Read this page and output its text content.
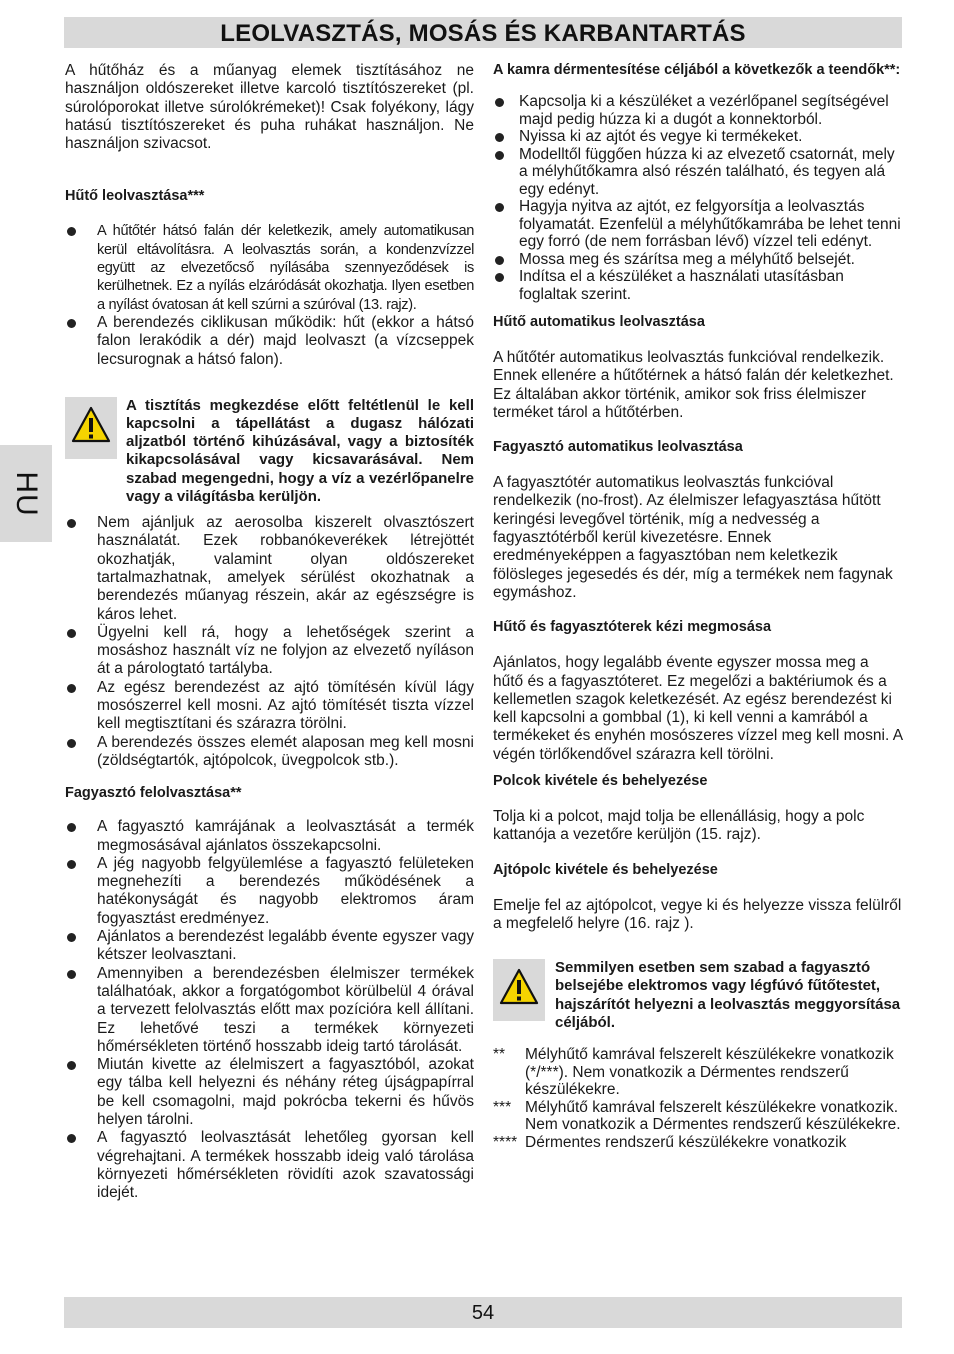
LEOLVASZTÁS, MOSÁS ÉS KARBANTARTÁS
HU

A hűtőház és a műanyag elemek tisztításához ne használjon oldószereket illetve karcoló tisztítószereket (pl. súrolóporokat illetve súrolókrémeket)! Csak folyékony, lágy hatású tisztítószereket és puha ruhákat használjon. Ne használjon szivacsot.

Hűtő leolvasztása***
A hűtőtér hátsó falán dér keletkezik, amely automatikusan kerül eltávolításra. A leolvasztás során, a kondenzvízzel együtt az elvezetőcső nyílásába szennyeződések is kerülhetnek. Ez a nyílás elzáródását okozhatja. Ilyen esetben a nyílást óvatosan át kell szúrni a szúróval (13. rajz).
A berendezés ciklikusan működik: hűt (ekkor a hátsó falon lerakódik a dér) majd leolvaszt (a vízcseppek lecsurognak a hátsó falon).
A tisztítás megkezdése előtt feltétlenül le kell kapcsolni a tápellátást a dugasz hálózati aljzatból történő kihúzásával, vagy a biztosíték kikapcsolásával vagy kicsavarásával. Nem szabad megengedni, hogy a víz a vezérlőpanelre vagy a világításba kerüljön.
Nem ajánljuk az aerosolba kiszerelt olvasztószert használatát. Ezek robbanókeverékek létrejöttét okozhatják, valamint olyan oldószereket tartalmazhatnak, amelyek sérülést okozhatnak a berendezés műanyag részein, akár az egészségre is káros lehet.
Ügyelni kell rá, hogy a lehetőségek szerint a mosáshoz használt víz ne folyjon az elvezető nyíláson át a párologtató tartályba.
Az egész berendezést az ajtó tömítésén kívül lágy mosószerrel kell mosni. Az ajtó tömítését tiszta vízzel kell megtisztítani és szárazra törölni.
A berendezés összes elemét alaposan meg kell mosni (zöldségtartók, ajtópolcok, üvegpolcok stb.).
Fagyasztó felolvasztása**
A fagyasztó kamrájának a leolvasztását a termék megmosásával ajánlatos összekapcsolni.
A jég nagyobb felgyülemlése a fagyasztó felületeken megnehezíti a berendezés működésének a hatékonyságát és nagyobb elektromos áram fogyasztást eredményez.
Ajánlatos a berendezést legalább évente egyszer vagy kétszer leolvasztani.
Amennyiben a berendezésben élelmiszer termékek találhatóak, akkor a forgatógombot körülbelül 4 órával a tervezett felolvasztás előtt max pozícióra kell állítani. Ez lehetővé teszi a termékek környezeti hőmérsékleten történő hosszabb ideig tartó tárolását.
Miután kivette az élelmiszert a fagyasztóból, azokat egy tálba kell helyezni és néhány réteg újságpapírral be kell csomagolni, majd pokrócba tekerni és hűvös helyen tárolni.
A fagyasztó leolvasztását lehetőleg gyorsan kell végrehajtani. A termékek hosszabb ideig való tárolása környezeti hőmérsékleten rövidíti azok szavatossági idejét.
A kamra dérmentesítése céljából a következők a teendők**:
Kapcsolja ki a készüléket a vezérlőpanel segítségével majd pedig húzza ki a dugót a konnektorból.
Nyissa ki az ajtót és vegye ki termékeket.
Modelltől függően húzza ki az elvezető csatornát, mely a mélyhűtőkamra alsó részén található, és tegyen alá egy edényt.
Hagyja nyitva az ajtót, ez felgyorsítja a leolvasztás folyamatát. Ezenfelül a mélyhűtőkamrába be lehet tenni egy forró (de nem forrásban lévő) vízzel teli edényt.
Mossa meg és szárítsa meg a mélyhűtő belsejét.
Indítsa el a készüléket a használati utasításban foglaltak szerint.
Hűtő automatikus leolvasztása

A hűtőtér automatikus leolvasztás funkcióval rendelkezik. Ennek ellenére a hűtőtérnek a hátsó falán dér keletkezhet. Ez általában akkor történik, amikor sok friss élelmiszer terméket tárol a hűtőtérben.

Fagyasztó automatikus leolvasztása

A fagyasztótér automatikus leolvasztás funkcióval rendelkezik (no-frost). Az élelmiszer lefagyasztása hűtött keringési levegővel történik, míg a nedvesség a fagyasztótérből kerül kivezetésre. Ennek eredményeképpen a fagyasztóban nem keletkezik fölösleges jegesedés és dér, míg a termékek nem fagynak egymáshoz.

Hűtő és fagyasztóterek kézi megmosása

Ajánlatos, hogy legalább évente egyszer mossa meg a hűtő és a fagyasztóteret. Ez megelőzi a baktériumok és a kellemetlen szagok keletkezését. Az egész berendezést ki kell kapcsolni a gombbal (1), ki kell venni a kamrából a termékeket és enyhén mosószeres vízzel meg kell mosni. A végén törlőkendővel szárazra kell törölni.

Polcok kivétele és behelyezése

Tolja ki a polcot, majd tolja be ellenállásig, hogy a polc kattanója a vezetőre kerüljön (15. rajz).

Ajtópolc kivétele és behelyezése

Emelje fel az ajtópolcot, vegye ki és helyezze vissza felülről a megfelelő helyre (16. rajz ).

Semmilyen esetben sem szabad a fagyasztó belsejébe elektromos vagy légfúvó fűtőtestet, hajszárítót helyezni a leolvasztás meggyorsítása céljából.
** Mélyhűtő kamrával felszerelt készülékekre vonatkozik (*/***). Nem vonatkozik a Dérmentes rendszerű készülékekre.
*** Mélyhűtő kamrával felszerelt készülékekre vonatkozik. Nem vonatkozik a Dérmentes rendszerű készülékekre.
**** Dérmentes rendszerű készülékekre vonatkozik
54
